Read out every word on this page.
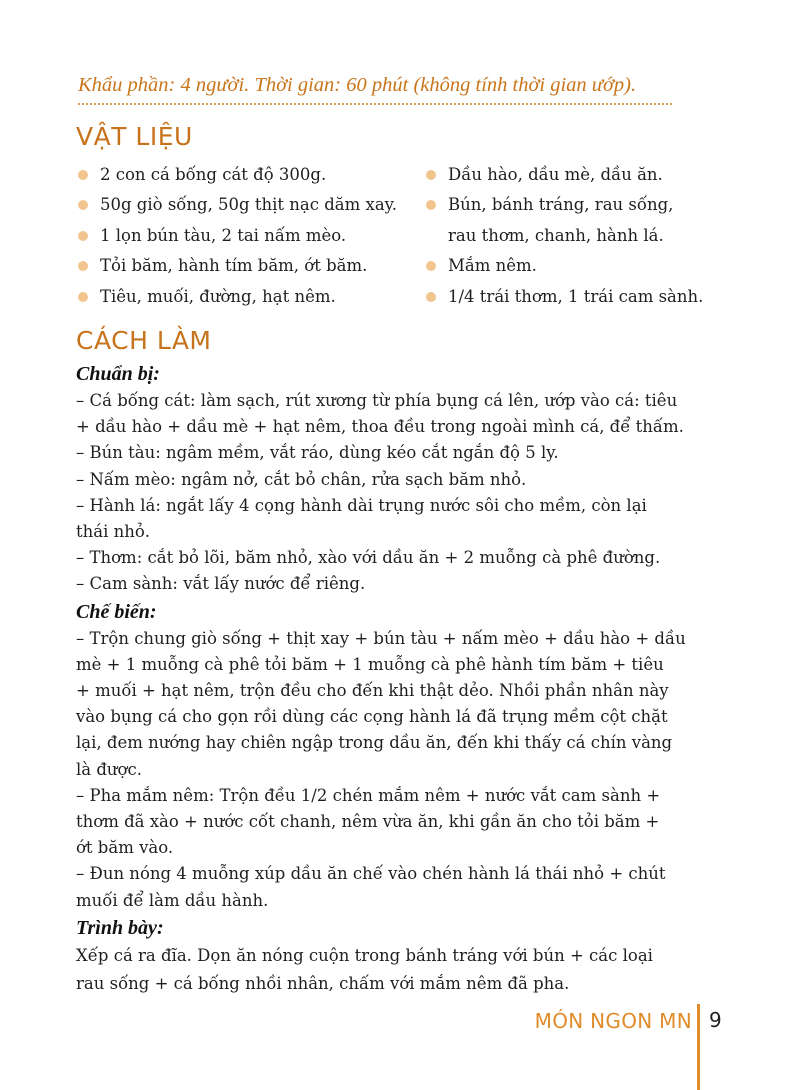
Khẩu phần: 4 người. Thời gian: 60 phút (không tính thời gian ướp).
VẬT LIỆU
2 con cá bống cát độ 300g.
50g giò sống, 50g thịt nạc dăm xay.
1 lọn bún tàu, 2 tai nấm mèo.
Tỏi băm, hành tím băm, ớt băm.
Tiêu, muối, đường, hạt nêm.
Dầu hào, dầu mè, dầu ăn.
Bún, bánh tráng, rau sống,
rau thơm, chanh, hành lá.
Mắm nêm.
1/4 trái thơm, 1 trái cam sành.
CÁCH LÀM
Chuẩn bị:
– Cá bống cát: làm sạch, rút xương từ phía bụng cá lên, ướp vào cá: tiêu
+ dầu hào + dầu mè + hạt nêm, thoa đều trong ngoài mình cá, để thấm.
– Bún tàu: ngâm mềm, vắt ráo, dùng kéo cắt ngắn độ 5 ly.
– Nấm mèo: ngâm nở, cắt bỏ chân, rửa sạch băm nhỏ.
– Hành lá: ngắt lấy 4 cọng hành dài trụng nước sôi cho mềm, còn lại
thái nhỏ.
– Thơm: cắt bỏ lõi, băm nhỏ, xào với dầu ăn + 2 muỗng cà phê đường.
– Cam sành: vắt lấy nước để riêng.
Chế biến:
– Trộn chung giò sống + thịt xay + bún tàu + nấm mèo + dầu hào + dầu
mè + 1 muỗng cà phê tỏi băm + 1 muỗng cà phê hành tím băm + tiêu
+ muối + hạt nêm, trộn đều cho đến khi thật dẻo. Nhồi phần nhân này
vào bụng cá cho gọn rồi dùng các cọng hành lá đã trụng mềm cột chặt
lại, đem nướng hay chiên ngập trong dầu ăn, đến khi thấy cá chín vàng
là được.
– Pha mắm nêm: Trộn đều 1/2 chén mắm nêm + nước vắt cam sành +
thơm đã xào + nước cốt chanh, nêm vừa ăn, khi gần ăn cho tỏi băm +
ớt băm vào.
– Đun nóng 4 muỗng xúp dầu ăn chế vào chén hành lá thái nhỏ + chút
muối để làm dầu hành.
Trình bày:
Xếp cá ra đĩa. Dọn ăn nóng cuộn trong bánh tráng với bún + các loại
rau sống + cá bống nhồi nhân, chấm với mắm nêm đã pha.
MÓN NGON MN 9
